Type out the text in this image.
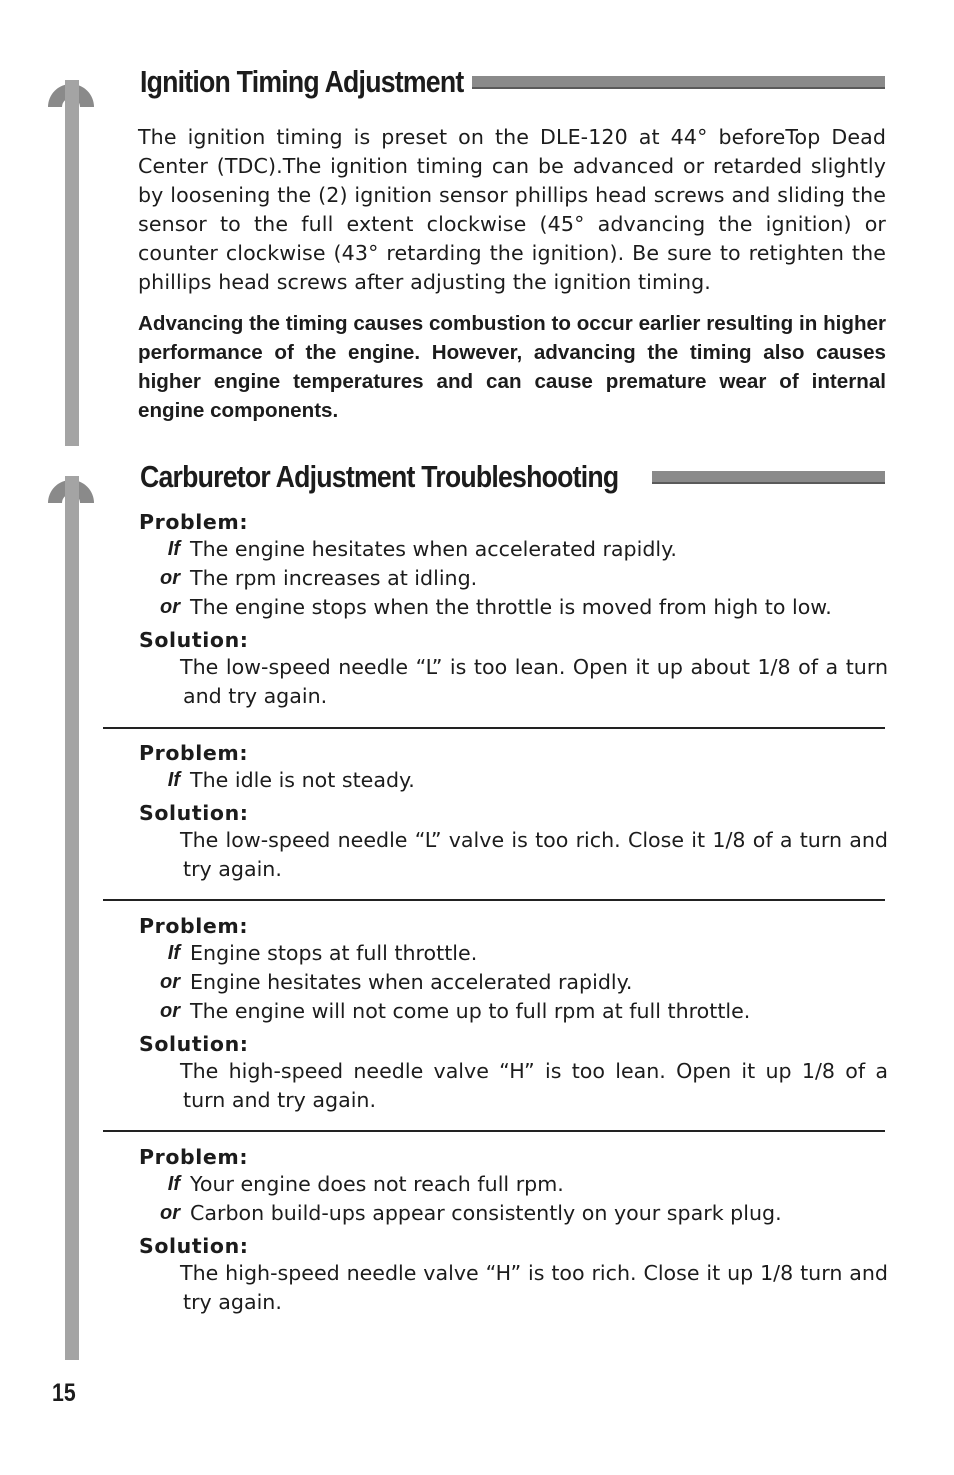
Ignition Timing Adjustment

The ignition timing is preset on the DLE-120 at 44° beforeTop Dead Center (TDC).The ignition timing can be advanced or retarded slightly by loosening the (2) ignition sensor phillips head screws and sliding the sensor to the full extent clockwise (45° advancing the ignition) or counter clockwise (43° retarding the ignition). Be sure to retighten the phillips head screws after adjusting the ignition timing.

Advancing the timing causes combustion to occur earlier resulting in higher performance of the engine. However, advancing the timing also causes higher engine temperatures and can cause premature wear of internal engine components.
Carburetor Adjustment Troubleshooting
Problem:
If The engine hesitates when accelerated rapidly.
or The rpm increases at idling.
or The engine stops when the throttle is moved from high to low.
Solution:
The low-speed needle “L” is too lean. Open it up about 1/8 of a turn and try again.
Problem:
If The idle is not steady.
Solution:
The low-speed needle “L” valve is too rich. Close it 1/8 of a turn and try again.
Problem:
If Engine stops at full throttle.
or Engine hesitates when accelerated rapidly.
or The engine will not come up to full rpm at full throttle.
Solution:
The high-speed needle valve “H” is too lean. Open it up 1/8 of a turn and try again.
Problem:
If Your engine does not reach full rpm.
or Carbon build-ups appear consistently on your spark plug.
Solution:
The high-speed needle valve “H” is too rich. Close it up 1/8 turn and try again.
15
